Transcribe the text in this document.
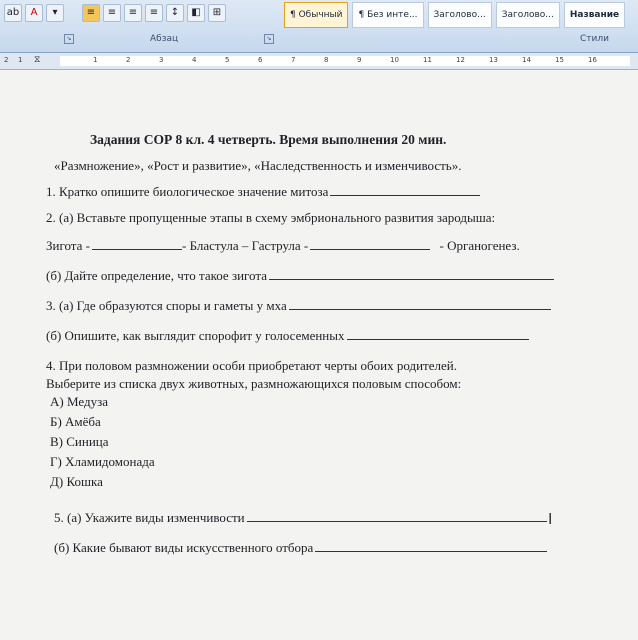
ab	A	▾	≡	≡	≡	≡	↕	◧	⊞	¶ Обычный	¶ Без инте...	Заголово...	Заголово...	Название
↘	Абзац	↘	Стили
⧖
2 1	1	2	3	4	5	6	7	8	9	10	11	12	13	14	15	16
Задания СОР 8 кл. 4 четверть. Время выполнения 20 мин.
«Размножение», «Рост и развитие», «Наследственность и изменчивость».
1. Кратко опишите биологическое значение митоза
2. (а) Вставьте пропущенные этапы в схему эмбрионального развития зародыша:
Зигота -	- Бластула – Гаструла -	- Органогенез.
(б) Дайте определение, что такое зигота
3. (а) Где образуются споры и гаметы у мха
(б) Опишите, как выглядит спорофит у голосеменных
4. При половом размножении особи приобретают черты обоих родителей.
Выберите из списка двух животных, размножающихся половым способом:
А) Медуза
Б) Амёба
В) Синица
Г) Хламидомонада
Д) Кошка
5. (а) Укажите виды изменчивости
(б) Какие бывают виды искусственного отбора
I
